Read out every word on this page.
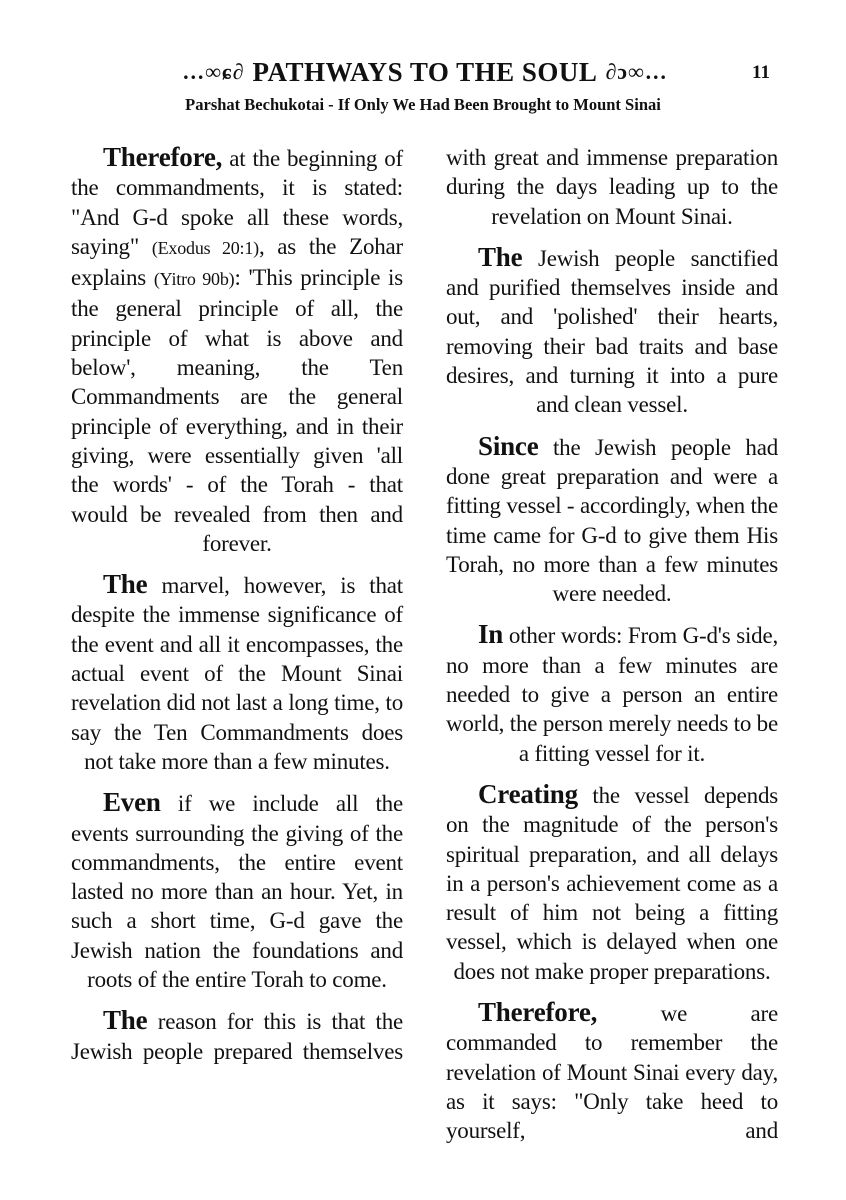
…∞ɕ∂ PATHWAYS TO THE SOUL ∂ɔ∞…	11
Parshat Bechukotai - If Only We Had Been Brought to Mount Sinai

Therefore, at the beginning of the commandments, it is stated: "And G-d spoke all these words, saying" (Exodus 20:1), as the Zohar explains (Yitro 90b): 'This principle is the general principle of all, the principle of what is above and below', meaning, the Ten Commandments are the general principle of everything, and in their giving, were essentially given 'all the words' - of the Torah - that would be revealed from then and forever.

The marvel, however, is that despite the immense significance of the event and all it encompasses, the actual event of the Mount Sinai revelation did not last a long time, to say the Ten Commandments does not take more than a few minutes.

Even if we include all the events surrounding the giving of the commandments, the entire event lasted no more than an hour. Yet, in such a short time, G-d gave the Jewish nation the foundations and roots of the entire Torah to come.

The reason for this is that the Jewish people prepared themselves

with great and immense preparation during the days leading up to the revelation on Mount Sinai.

The Jewish people sanctified and purified themselves inside and out, and 'polished' their hearts, removing their bad traits and base desires, and turning it into a pure and clean vessel.

Since the Jewish people had done great preparation and were a fitting vessel - accordingly, when the time came for G-d to give them His Torah, no more than a few minutes were needed.

In other words: From G-d's side, no more than a few minutes are needed to give a person an entire world, the person merely needs to be a fitting vessel for it.

Creating the vessel depends on the magnitude of the person's spiritual preparation, and all delays in a person's achievement come as a result of him not being a fitting vessel, which is delayed when one does not make proper preparations.

Therefore, we are commanded to remember the revelation of Mount Sinai every day, as it says: "Only take heed to yourself, and
